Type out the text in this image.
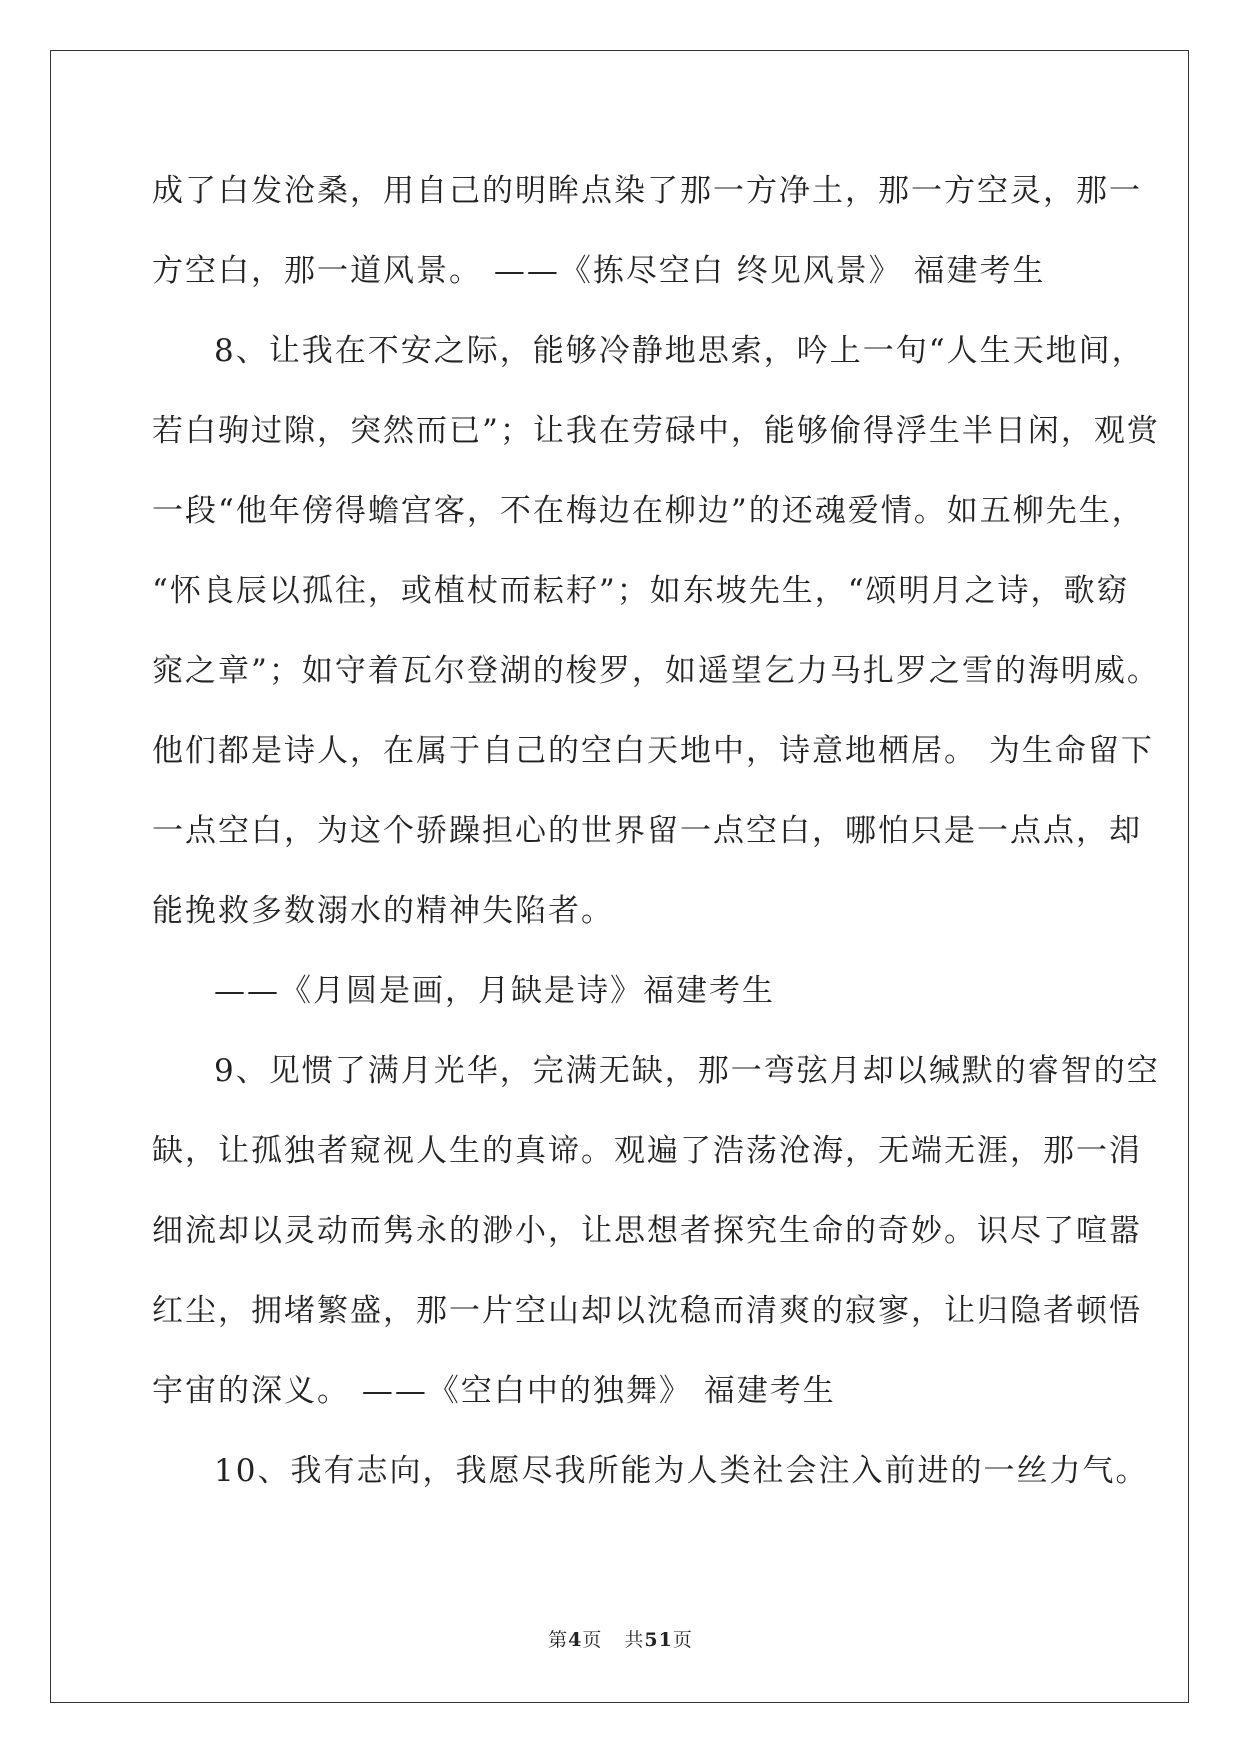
成了白发沧桑，用自己的明眸点染了那一方净土，那一方空灵，那一
方空白，那一道风景。 ——《拣尽空白 终见风景》 福建考生
8、让我在不安之际，能够冷静地思索，吟上一句“人生天地间，
若白驹过隙，突然而已”；让我在劳碌中，能够偷得浮生半日闲，观赏
一段“他年傍得蟾宫客，不在梅边在柳边”的还魂爱情。如五柳先生，
“怀良辰以孤往，或植杖而耘耔”；如东坡先生，“颂明月之诗，歌窈
窕之章”；如守着瓦尔登湖的梭罗，如遥望乞力马扎罗之雪的海明威。
他们都是诗人，在属于自己的空白天地中，诗意地栖居。 为生命留下
一点空白，为这个骄躁担心的世界留一点空白，哪怕只是一点点，却
能挽救多数溺水的精神失陷者。
——《月圆是画，月缺是诗》福建考生
9、见惯了满月光华，完满无缺，那一弯弦月却以缄默的睿智的空
缺，让孤独者窥视人生的真谛。观遍了浩荡沧海，无端无涯，那一涓
细流却以灵动而隽永的渺小，让思想者探究生命的奇妙。识尽了喧嚣
红尘，拥堵繁盛，那一片空山却以沈稳而清爽的寂寥，让归隐者顿悟
宇宙的深义。 ——《空白中的独舞》 福建考生
10、我有志向，我愿尽我所能为人类社会注入前进的一丝力气。
第4页 共51页
